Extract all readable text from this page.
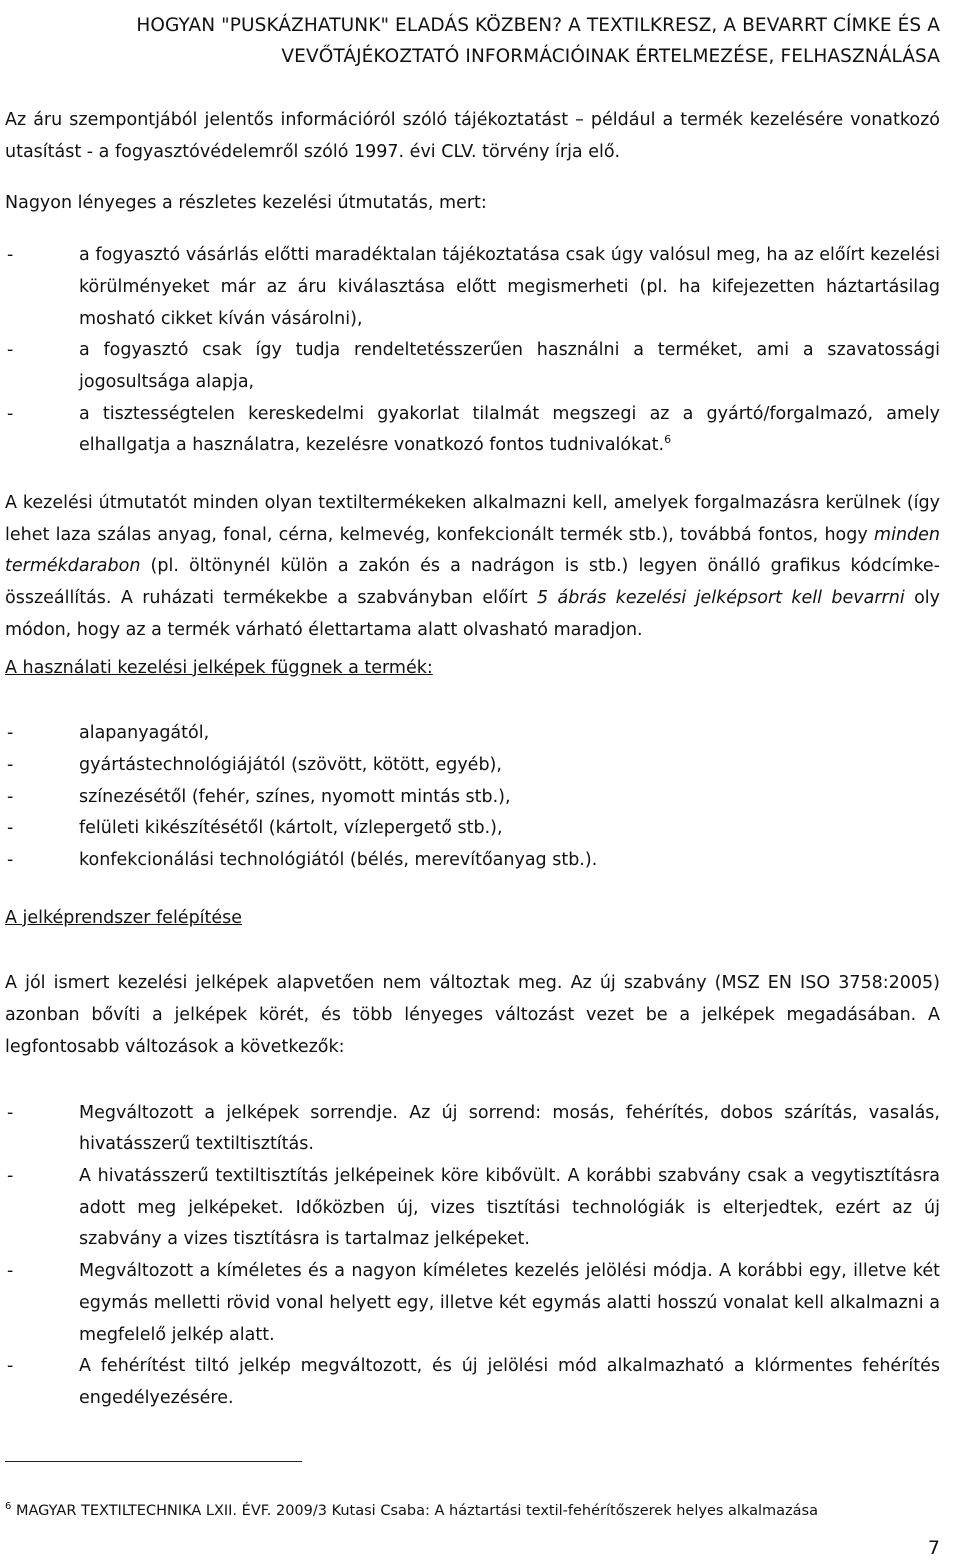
HOGYAN "PUSKÁZHATUNK" ELADÁS KÖZBEN? A TEXTILKRESZ, A BEVARRT CÍMKE ÉS A
VEVŐTÁJÉKOZTATÓ INFORMÁCIÓINAK ÉRTELMEZÉSE, FELHASZNÁLÁSA

Az áru szempontjából jelentős információról szóló tájékoztatást – például a termék kezelésére vonatkozó utasítást - a fogyasztóvédelemről szóló 1997. évi CLV. törvény írja elő.

Nagyon lényeges a részletes kezelési útmutatás, mert:

-	a fogyasztó vásárlás előtti maradéktalan tájékoztatása csak úgy valósul meg, ha az előírt kezelési körülményeket már az áru kiválasztása előtt megismerheti (pl. ha kifejezetten háztartásilag mosható cikket kíván vásárolni),
-	a fogyasztó csak így tudja rendeltetésszerűen használni a terméket, ami a szavatossági jogosultsága alapja,
-	a tisztességtelen kereskedelmi gyakorlat tilalmát megszegi az a gyártó/forgalmazó, amely elhallgatja a használatra, kezelésre vonatkozó fontos tudnivalókat.$^6$

A kezelési útmutatót minden olyan textiltermékeken alkalmazni kell, amelyek forgalmazásra kerülnek (így lehet laza szálas anyag, fonal, cérna, kelmevég, konfekcionált termék stb.), továbbá fontos, hogy minden termékdarabon (pl. öltönynél külön a zakón és a nadrágon is stb.) legyen önálló grafikus kódcímke-összeállítás. A ruházati termékekbe a szabványban előírt 5 ábrás kezelési jelképsort kell bevarrni oly módon, hogy az a termék várható élettartama alatt olvasható maradjon.

A használati kezelési jelképek függnek a termék:

-	alapanyagától,
-	gyártástechnológiájától (szövött, kötött, egyéb),
-	színezésétől (fehér, színes, nyomott mintás stb.),
-	felületi kikészítésétől (kártolt, vízlepergető stb.),
-	konfekcionálási technológiától (bélés, merevítőanyag stb.).

A jelképrendszer felépítése

A jól ismert kezelési jelképek alapvetően nem változtak meg. Az új szabvány (MSZ EN ISO 3758:2005) azonban bővíti a jelképek körét, és több lényeges változást vezet be a jelképek megadásában. A legfontosabb változások a következők:

-	Megváltozott a jelképek sorrendje. Az új sorrend: mosás, fehérítés, dobos szárítás, vasalás, hivatásszerű textiltisztítás.
-	A hivatásszerű textiltisztítás jelképeinek köre kibővült. A korábbi szabvány csak a vegytisztításra adott meg jelképeket. Időközben új, vizes tisztítási technológiák is elterjedtek, ezért az új szabvány a vizes tisztításra is tartalmaz jelképeket.
-	Megváltozott a kíméletes és a nagyon kíméletes kezelés jelölési módja. A korábbi egy, illetve két egymás melletti rövid vonal helyett egy, illetve két egymás alatti hosszú vonalat kell alkalmazni a megfelelő jelkép alatt.
-	A fehérítést tiltó jelkép megváltozott, és új jelölési mód alkalmazható a klórmentes fehérítés engedélyezésére.
$^6$ MAGYAR TEXTILTECHNIKA LXII. ÉVF. 2009/3 Kutasi Csaba: A háztartási textil-fehérítőszerek helyes alkalmazása
7
